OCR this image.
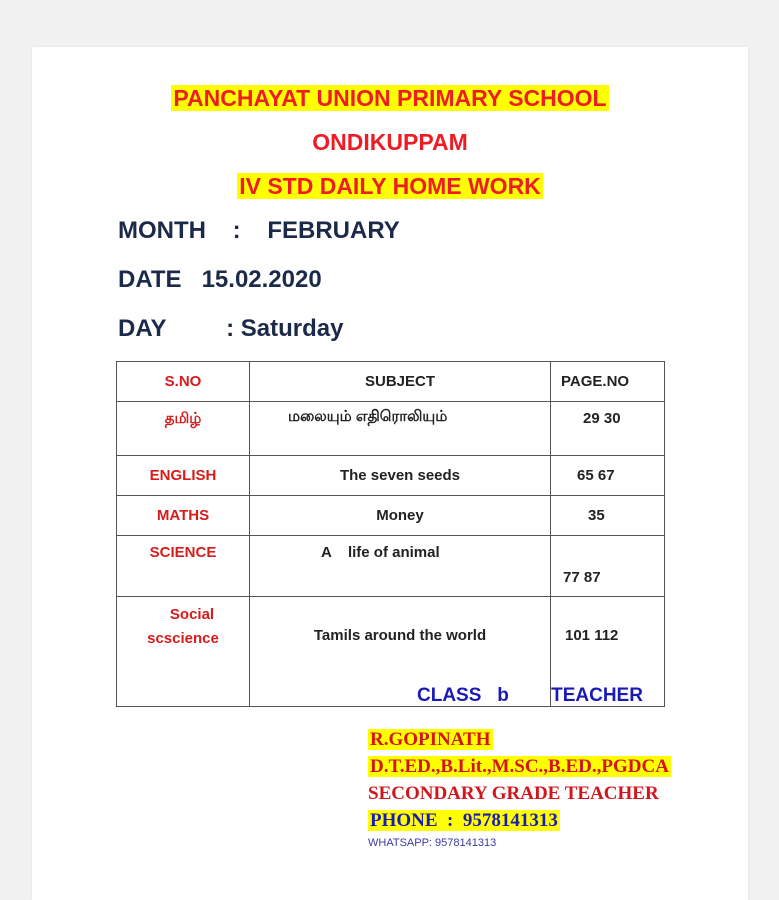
PANCHAYAT UNION PRIMARY SCHOOL
ONDIKUPPAM
IV STD DAILY HOME WORK
MONTH : FEBRUARY
DATE 15.02.2020
DAY	: Saturday
S.NO	SUBJECT	PAGE.NO
தமிழ்	மலையும் எதிரொலியும்	29 30
ENGLISH	The seven seeds	65 67
MATHS	Money	35
SCIENCE	A    life of animal	77 87

Social
scscience	Tamils around the world	101 112
CLASS b TEACHER
R.GOPINATH
D.T.ED.,B.Lit.,M.SC.,B.ED.,PGDCA
SECONDARY GRADE TEACHER
PHONE  :  9578141313
WHATSAPP: 9578141313
